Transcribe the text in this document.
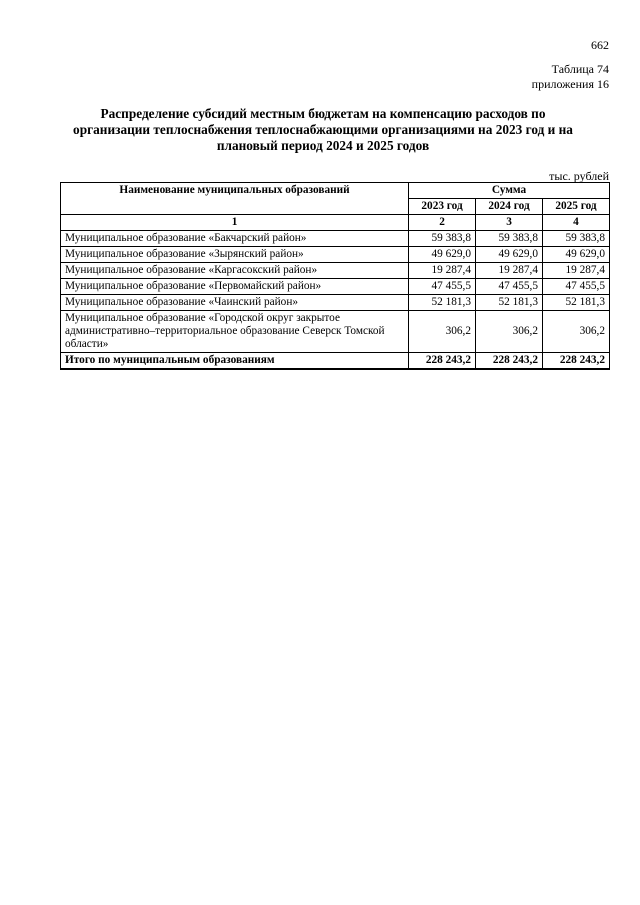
662
Таблица 74
приложения 16
Распределение субсидий местным бюджетам на компенсацию расходов по
организации теплоснабжения теплоснабжающими организациями на 2023 год и на
плановый период 2024 и 2025 годов
тыс. рублей
Наименование муниципальных образований	Сумма		
	2023 год	2024 год	2025 год
1	2	3	4
Муниципальное образование «Бакчарский район»	59 383,8	59 383,8	59 383,8
Муниципальное образование «Зырянский район»	49 629,0	49 629,0	49 629,0
Муниципальное образование «Каргасокский район»	19 287,4	19 287,4	19 287,4
Муниципальное образование «Первомайский район»	47 455,5	47 455,5	47 455,5
Муниципальное образование «Чаинский район»	52 181,3	52 181,3	52 181,3
Муниципальное образование «Городской округ закрытое административно–территориальное образование Северск Томской области»	306,2	306,2	306,2
Итого по муниципальным образованиям	228 243,2	228 243,2	228 243,2
